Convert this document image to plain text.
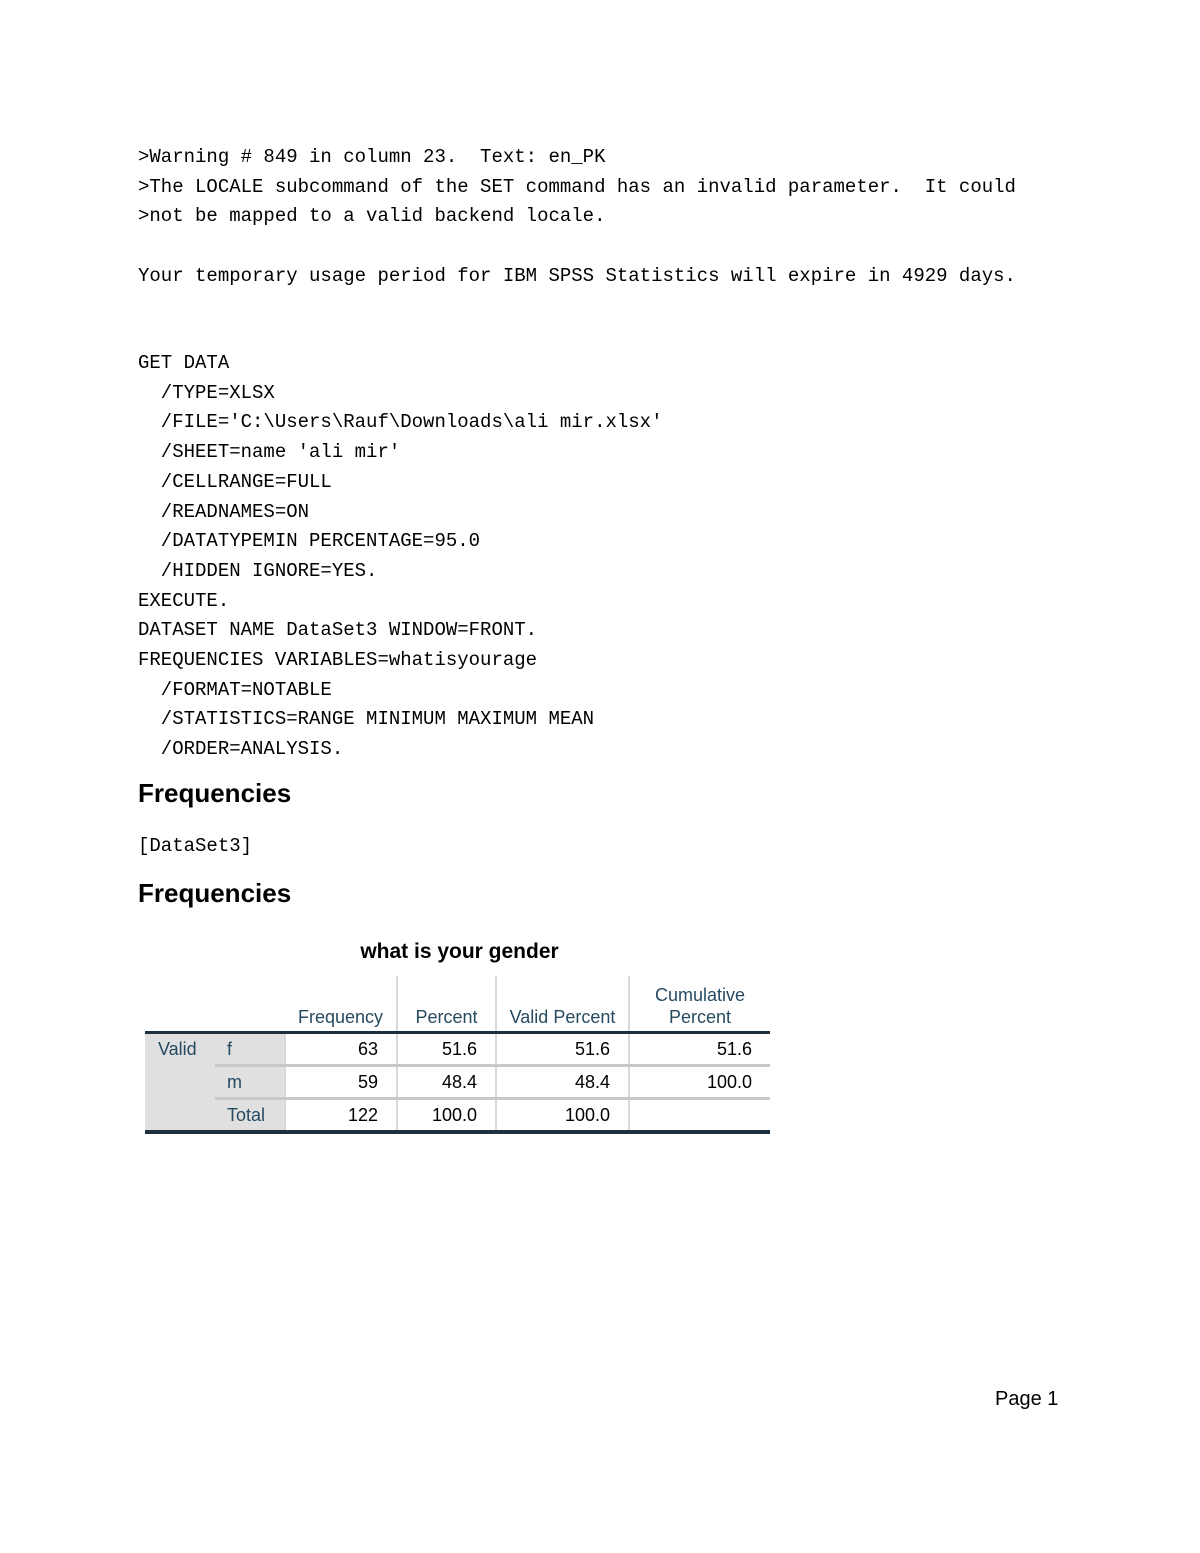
>Warning # 849 in column 23.  Text: en_PK
>The LOCALE subcommand of the SET command has an invalid parameter.  It could
>not be mapped to a valid backend locale.
Your temporary usage period for IBM SPSS Statistics will expire in 4929 days.
GET DATA
/TYPE=XLSX
/FILE='C:\Users\Rauf\Downloads\ali mir.xlsx'
/SHEET=name 'ali mir'
/CELLRANGE=FULL
/READNAMES=ON
/DATATYPEMIN PERCENTAGE=95.0
/HIDDEN IGNORE=YES.
EXECUTE.
DATASET NAME DataSet3 WINDOW=FRONT.
FREQUENCIES VARIABLES=whatisyourage
/FORMAT=NOTABLE
/STATISTICS=RANGE MINIMUM MAXIMUM MEAN
/ORDER=ANALYSIS.
Frequencies
[DataSet3]
Frequencies
what is your gender
		Frequency	Percent	Valid Percent	Cumulative
Percent
Valid	f	63	51.6	51.6	51.6
	m	59	48.4	48.4	100.0
	Total	122	100.0	100.0	
Page 1
